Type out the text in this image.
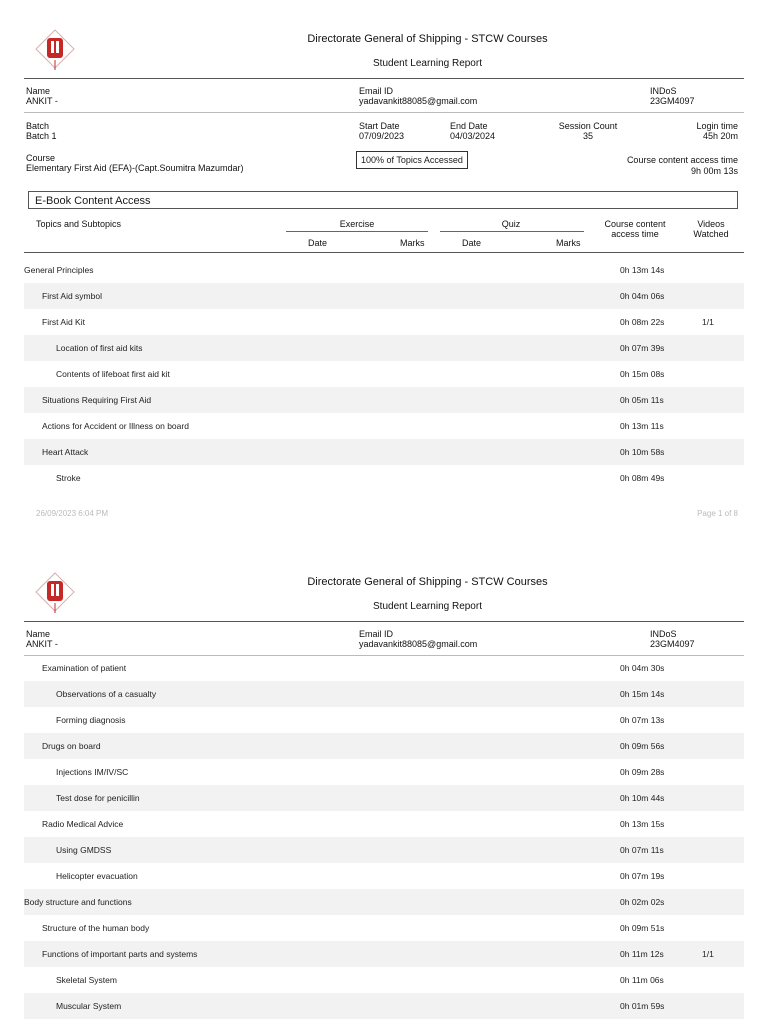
Directorate General of Shipping - STCW Courses
Student Learning Report
Name
ANKIT -
Email ID
yadavankit88085@gmail.com
INDoS
23GM4097
Batch
Batch 1
Start Date
07/09/2023
End Date
04/03/2024
Session Count
35
Login time
45h 20m
Course
Elementary First Aid (EFA)-(Capt.Soumitra Mazumdar)
100% of Topics Accessed	Course content access time
9h 00m 13s
E-Book Content Access
Topics and Subtopics	Exercise	Quiz	Course content
access time
Videos
Watched
Date	Marks	Date	Marks
General Principles	0h 13m 14s
First Aid symbol	0h 04m 06s
First Aid Kit	0h 08m 22s	1/1
Location of first aid kits	0h 07m 39s
Contents of lifeboat first aid kit	0h 15m 08s
Situations Requiring First Aid	0h 05m 11s
Actions for Accident or Illness on board	0h 13m 11s
Heart Attack	0h 10m 58s
Stroke	0h 08m 49s
26/09/2023 6:04 PM	Page 1 of 8
Directorate General of Shipping - STCW Courses
Student Learning Report
Name
ANKIT -
Email ID
yadavankit88085@gmail.com
INDoS
23GM4097
Examination of patient	0h 04m 30s
Observations of a casualty	0h 15m 14s
Forming diagnosis	0h 07m 13s
Drugs on board	0h 09m 56s
Injections IM/IV/SC	0h 09m 28s
Test dose for penicillin	0h 10m 44s
Radio Medical Advice	0h 13m 15s
Using GMDSS	0h 07m 11s
Helicopter evacuation	0h 07m 19s
Body structure and functions	0h 02m 02s
Structure of the human body	0h 09m 51s
Functions of important parts and systems	0h 11m 12s	1/1
Skeletal System	0h 11m 06s
Muscular System	0h 01m 59s
